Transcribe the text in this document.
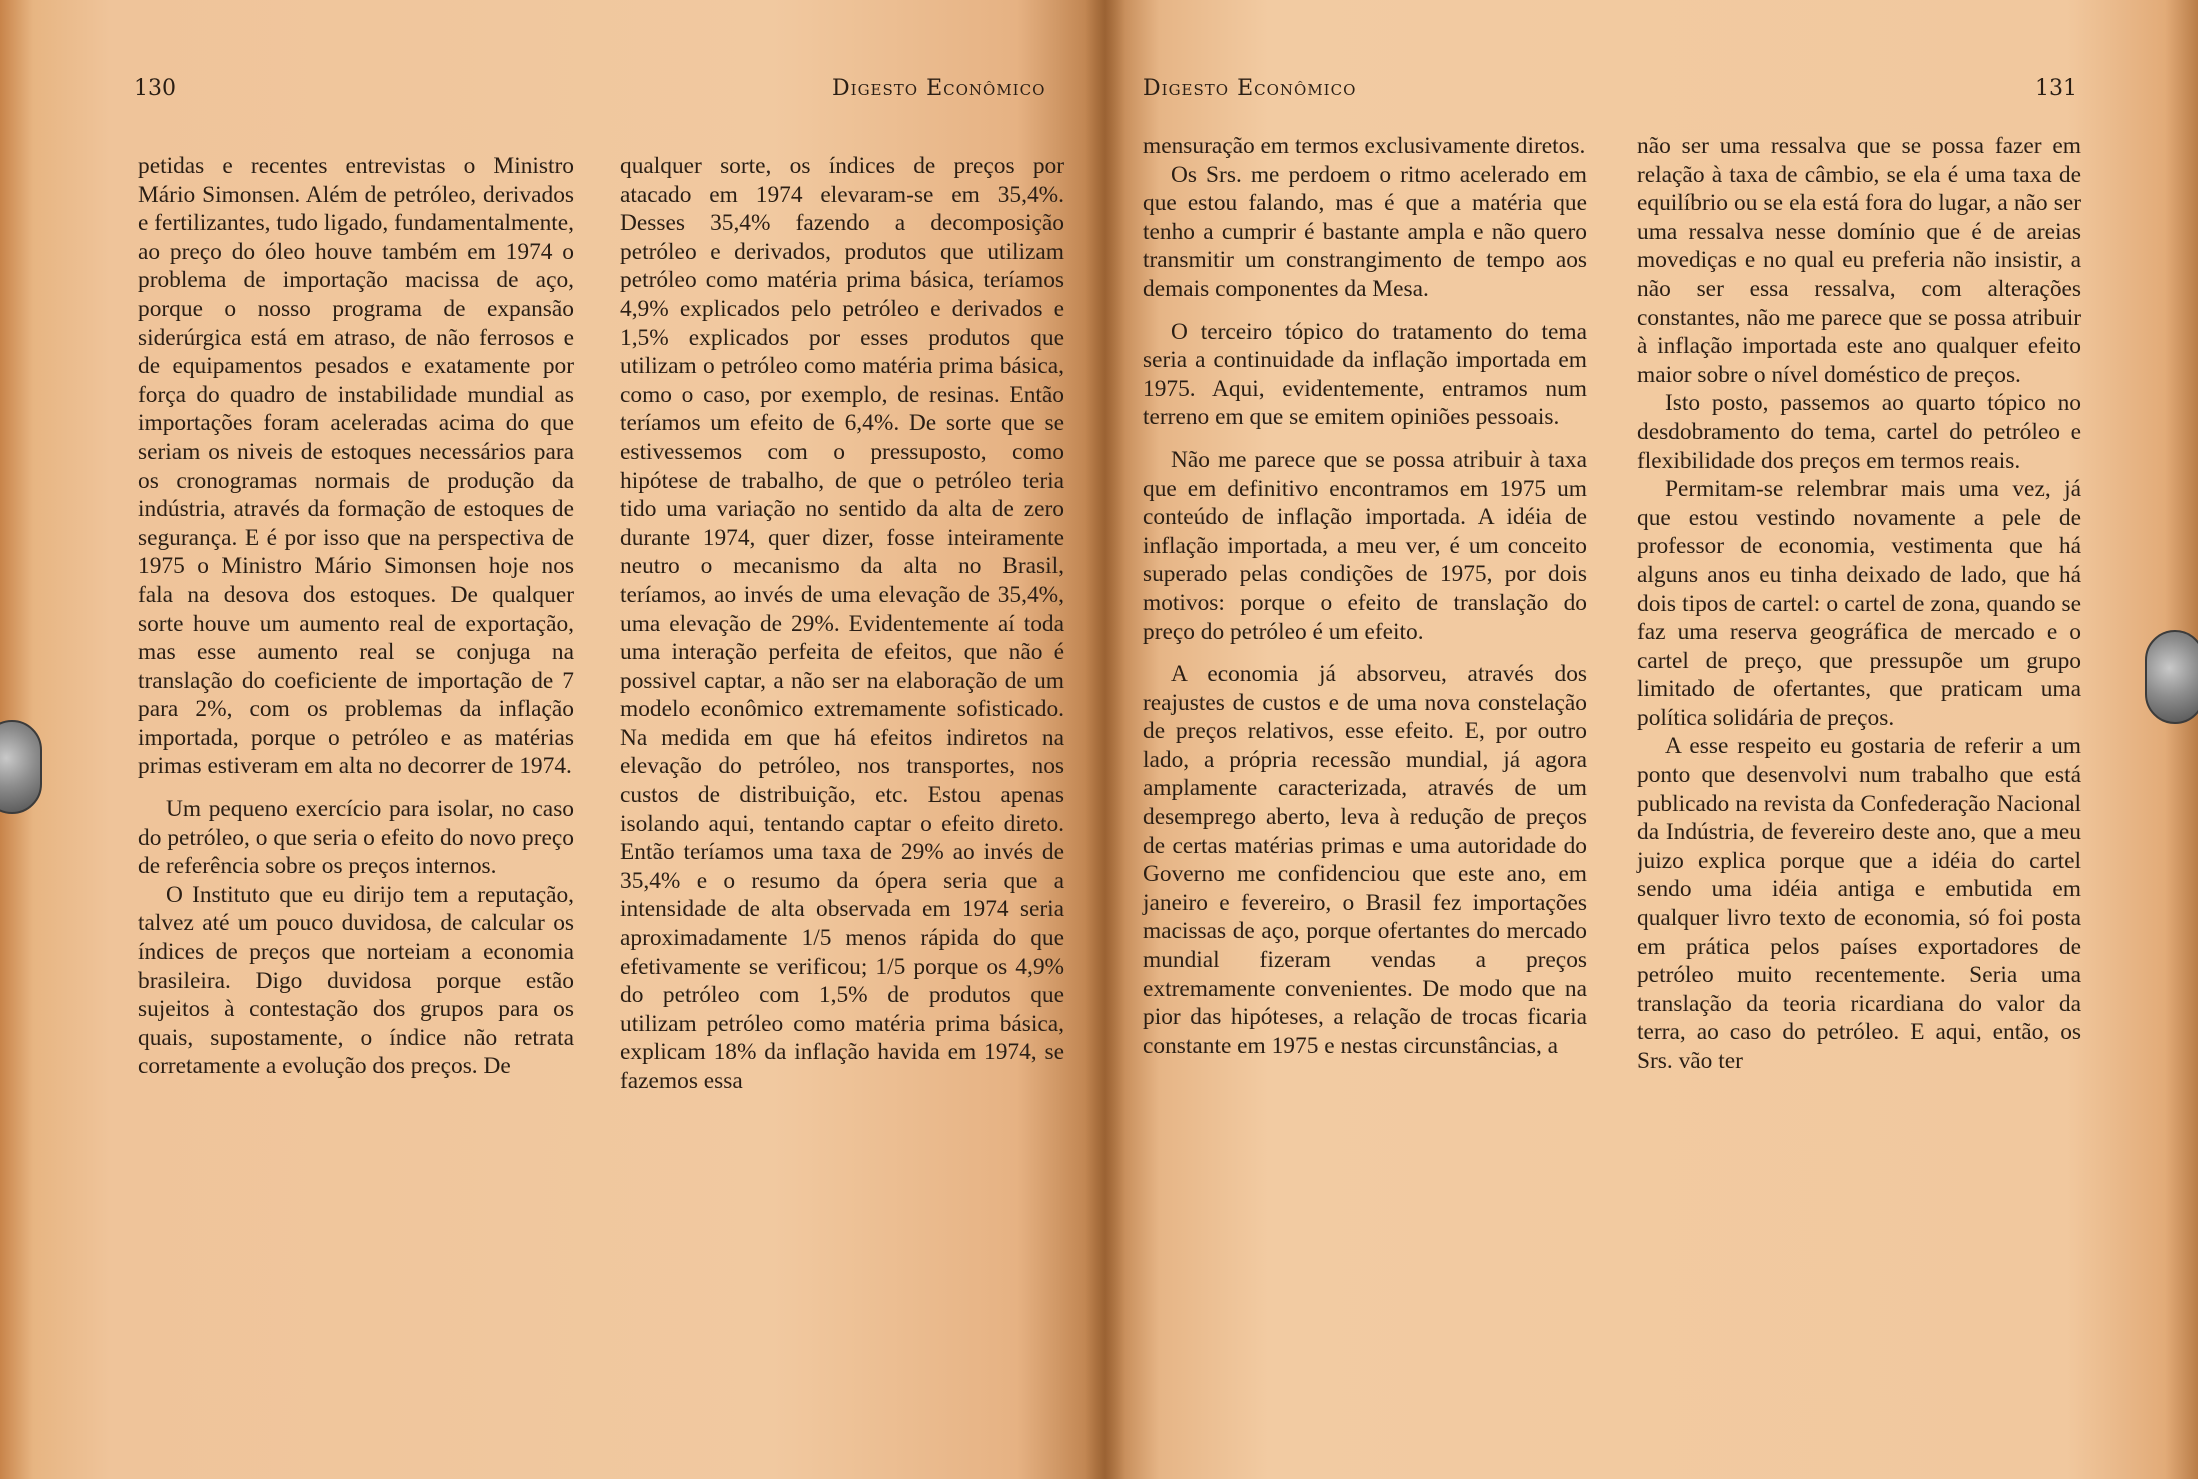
130	Digesto Econômico

petidas e recentes entrevistas o Ministro Mário Simonsen. Além de petróleo, derivados e fertilizantes, tudo ligado, fundamentalmente, ao preço do óleo houve também em 1974 o problema de importação macissa de aço, porque o nosso programa de expansão siderúrgica está em atraso, de não ferrosos e de equipamentos pesados e exatamente por força do quadro de instabilidade mundial as importações foram aceleradas acima do que seriam os niveis de estoques necessários para os cronogramas normais de produção da indústria, através da formação de estoques de segurança. E é por isso que na perspectiva de 1975 o Ministro Mário Simonsen hoje nos fala na desova dos estoques. De qualquer sorte houve um aumento real de exportação, mas esse aumento real se conjuga na translação do coeficiente de importação de 7 para 2%, com os problemas da inflação importada, porque o petróleo e as matérias primas estiveram em alta no decorrer de 1974.

Um pequeno exercício para isolar, no caso do petróleo, o que seria o efeito do novo preço de referência sobre os preços internos.

O Instituto que eu dirijo tem a reputação, talvez até um pouco duvidosa, de calcular os índices de preços que norteiam a economia brasileira. Digo duvidosa porque estão sujeitos à contestação dos grupos para os quais, supostamente, o índice não retrata corretamente a evolução dos preços. De

qualquer sorte, os índices de preços por atacado em 1974 elevaram-se em 35,4%. Desses 35,4% fazendo a decomposição petróleo e derivados, produtos que utilizam petróleo como matéria prima básica, teríamos 4,9% explicados pelo petróleo e derivados e 1,5% explicados por esses produtos que utilizam o petróleo como matéria prima básica, como o caso, por exemplo, de resinas. Então teríamos um efeito de 6,4%. De sorte que se estivessemos com o pressuposto, como hipótese de trabalho, de que o petróleo teria tido uma variação no sentido da alta de zero durante 1974, quer dizer, fosse inteiramente neutro o mecanismo da alta no Brasil, teríamos, ao invés de uma elevação de 35,4%, uma elevação de 29%. Evidentemente aí toda uma interação perfeita de efeitos, que não é possivel captar, a não ser na elaboração de um modelo econômico extremamente sofisticado. Na medida em que há efeitos indiretos na elevação do petróleo, nos transportes, nos custos de distribuição, etc. Estou apenas isolando aqui, tentando captar o efeito direto. Então teríamos uma taxa de 29% ao invés de 35,4% e o resumo da ópera seria que a intensidade de alta observada em 1974 seria aproximadamente 1/5 menos rápida do que efetivamente se verificou; 1/5 porque os 4,9% do petróleo com 1,5% de produtos que utilizam petróleo como matéria prima básica, explicam 18% da inflação havida em 1974, se fazemos essa

Digesto Econômico	131

mensuração em termos exclusivamente diretos.

Os Srs. me perdoem o ritmo acelerado em que estou falando, mas é que a matéria que tenho a cumprir é bastante ampla e não quero transmitir um constrangimento de tempo aos demais componentes da Mesa.

O terceiro tópico do tratamento do tema seria a continuidade da inflação importada em 1975. Aqui, evidentemente, entramos num terreno em que se emitem opiniões pessoais.

Não me parece que se possa atribuir à taxa que em definitivo encontramos em 1975 um conteúdo de inflação importada. A idéia de inflação importada, a meu ver, é um conceito superado pelas condições de 1975, por dois motivos: porque o efeito de translação do preço do petróleo é um efeito.

A economia já absorveu, através dos reajustes de custos e de uma nova constelação de preços relativos, esse efeito. E, por outro lado, a própria recessão mundial, já agora amplamente caracterizada, através de um desemprego aberto, leva à redução de preços de certas matérias primas e uma autoridade do Governo me confidenciou que este ano, em janeiro e fevereiro, o Brasil fez importações macissas de aço, porque ofertantes do mercado mundial fizeram vendas a preços extremamente convenientes. De modo que na pior das hipóteses, a relação de trocas ficaria constante em 1975 e nestas circunstâncias, a

não ser uma ressalva que se possa fazer em relação à taxa de câmbio, se ela é uma taxa de equilíbrio ou se ela está fora do lugar, a não ser uma ressalva nesse domínio que é de areias movediças e no qual eu preferia não insistir, a não ser essa ressalva, com alterações constantes, não me parece que se possa atribuir à inflação importada este ano qualquer efeito maior sobre o nível doméstico de preços.

Isto posto, passemos ao quarto tópico no desdobramento do tema, cartel do petróleo e flexibilidade dos preços em termos reais.

Permitam-se relembrar mais uma vez, já que estou vestindo novamente a pele de professor de economia, vestimenta que há alguns anos eu tinha deixado de lado, que há dois tipos de cartel: o cartel de zona, quando se faz uma reserva geográfica de mercado e o cartel de preço, que pressupõe um grupo limitado de ofertantes, que praticam uma política solidária de preços.

A esse respeito eu gostaria de referir a um ponto que desenvolvi num trabalho que está publicado na revista da Confederação Nacional da Indústria, de fevereiro deste ano, que a meu juizo explica porque que a idéia do cartel sendo uma idéia antiga e embutida em qualquer livro texto de economia, só foi posta em prática pelos países exportadores de petróleo muito recentemente. Seria uma translação da teoria ricardiana do valor da terra, ao caso do petróleo. E aqui, então, os Srs. vão ter
